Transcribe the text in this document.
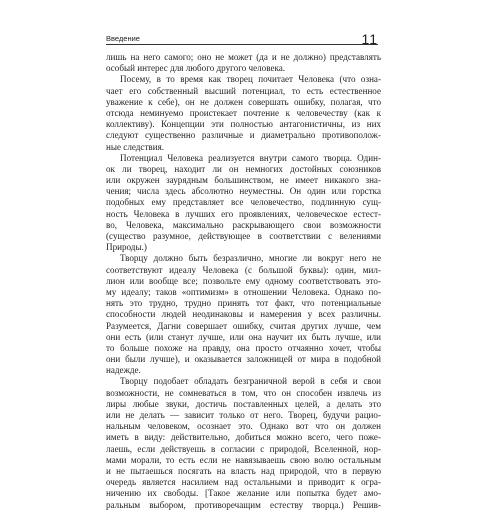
Введение	11
лишь на него самого; оно не может (да и не должно) представлять
особый интерес для любого другого человека.
Посему, в то время как творец почитает Человека (что озна-
чает его собственный высший потенциал, то есть естественное
уважение к себе), он не должен совершать ошибку, полагая, что
отсюда неминуемо проистекает почтение к человечеству (как к
коллективу). Концепции эти полностью антагонистичны, из них
следуют существенно различные и диаметрально противополож-
ные следствия.
Потенциал Человека реализуется внутри самого творца. Один-
ок ли творец, находит ли он немногих достойных союзников
или окружен заурядным большинством, не имеет никакого зна-
чения; числа здесь абсолютно неуместны. Он один или горстка
подобных ему представляет все человечество, подлинную сущ-
ность Человека в лучших его проявлениях, человеческое естест-
во, Человека, максимально раскрывающего свои возможности
(существо разумное, действующее в соответствии с велениями
Природы.)
Творцу должно быть безразлично, многие ли вокруг него не
соответствуют идеалу Человека (с большой буквы): один, мил-
лион или вообще все; позвольте ему одному соответствовать это-
му идеалу; таков «оптимизм» в отношении Человека. Однако по-
нять это трудно, трудно принять тот факт, что потенциальные
способности людей неодинаковы и намерения у всех различны.
Разумеется, Дагни совершает ошибку, считая других лучше, чем
они есть (или станут лучше, или она научит их быть лучше, или
то больше похоже на правду, она просто отчаянно хочет, чтобы
они были лучше), и оказывается заложницей от мира в подобной
надежде.
Творцу подобает обладать безграничной верой в себя и свои
возможности, не сомневаться в том, что он способен извлечь из
лиры любые звуки, достичь поставленных целей, а делать это
или не делать — зависит только от него. Творец, будучи рацио-
нальным человеком, осознает это. Однако вот что он должен
иметь в виду: действительно, добиться можно всего, чего поже-
лаешь, если действуешь в согласии с природой, Вселенной, нор-
мами морали, то есть если не навязываешь свою волю остальным
и не пытаешься посягать на власть над природой, что в первую
очередь является насилием над остальными и приводит к огра-
ничению их свободы. [Такое желание или попытка будет амо-
ральным выбором, противоречащим естеству творца.) Решив-
